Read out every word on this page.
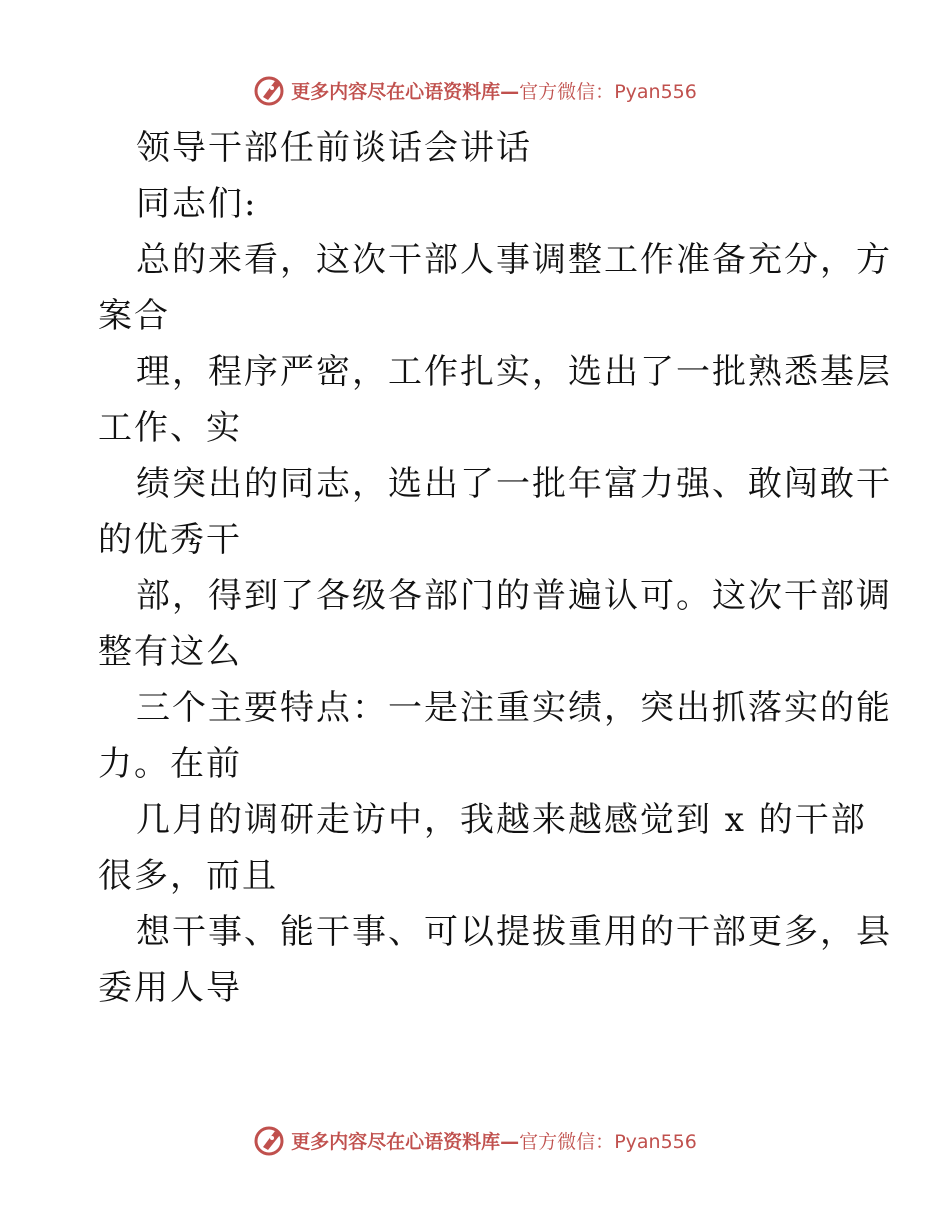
更多内容尽在心语资料库—官方微信：Pyan556
领导干部任前谈话会讲话
同志们:
总的来看，这次干部人事调整工作准备充分，方
案合
理，程序严密，工作扎实，选出了一批熟悉基层
工作、实
绩突出的同志，选出了一批年富力强、敢闯敢干
的优秀干
部，得到了各级各部门的普遍认可。这次干部调
整有这么
三个主要特点：一是注重实绩，突出抓落实的能
力。在前
几月的调研走访中，我越来越感觉到 x 的干部
很多，而且
想干事、能干事、可以提拔重用的干部更多，县
委用人导
更多内容尽在心语资料库—官方微信：Pyan556
